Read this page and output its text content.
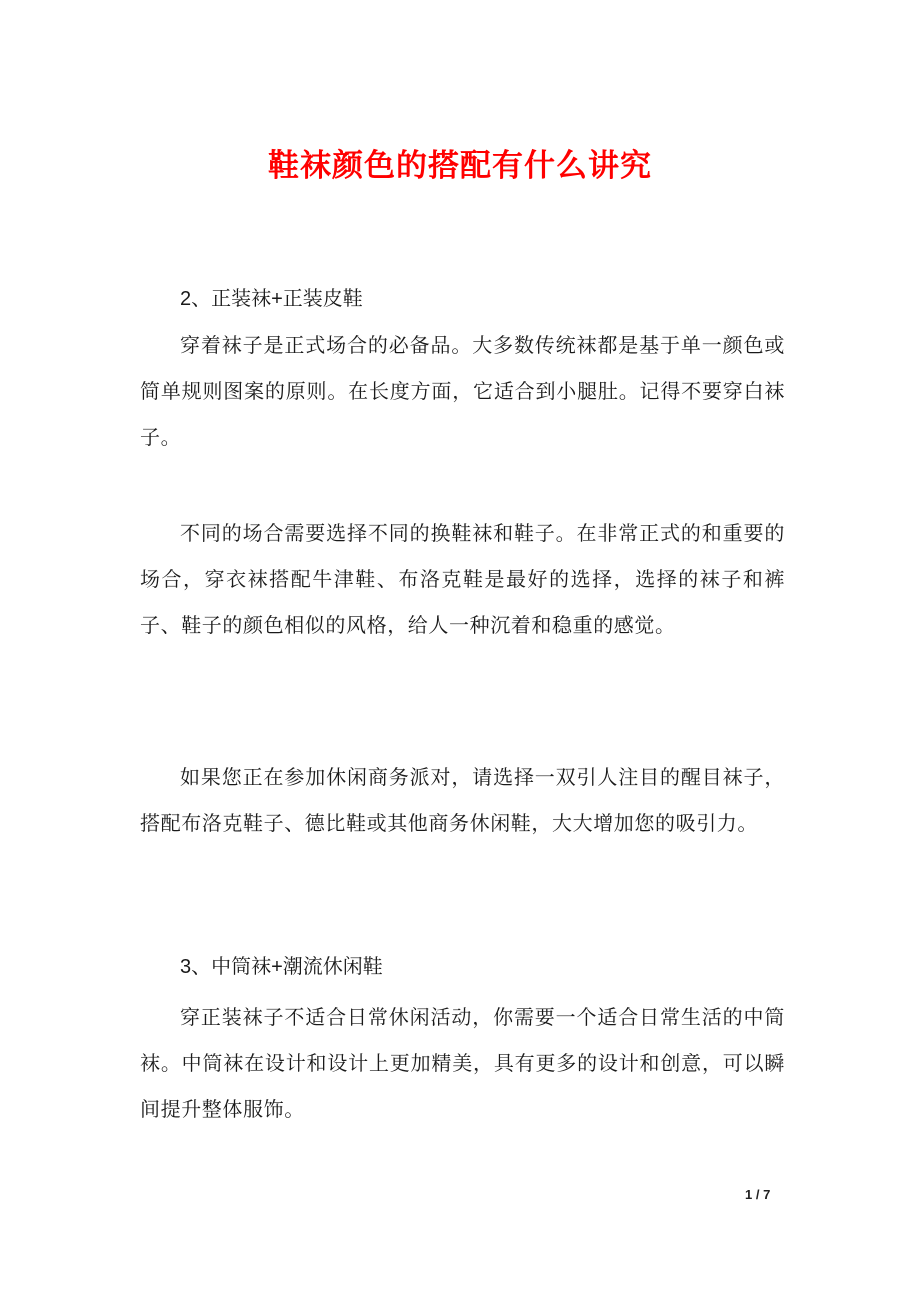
鞋袜颜色的搭配有什么讲究

2、正装袜+正装皮鞋

穿着袜子是正式场合的必备品。大多数传统袜都是基于单一颜色或简单规则图案的原则。在长度方面，它适合到小腿肚。记得不要穿白袜子。

不同的场合需要选择不同的换鞋袜和鞋子。在非常正式的和重要的场合，穿衣袜搭配牛津鞋、布洛克鞋是最好的选择，选择的袜子和裤子、鞋子的颜色相似的风格，给人一种沉着和稳重的感觉。

如果您正在参加休闲商务派对，请选择一双引人注目的醒目袜子，搭配布洛克鞋子、德比鞋或其他商务休闲鞋，大大增加您的吸引力。

3、中筒袜+潮流休闲鞋

穿正装袜子不适合日常休闲活动，你需要一个适合日常生活的中筒袜。中筒袜在设计和设计上更加精美，具有更多的设计和创意，可以瞬间提升整体服饰。

1 / 7
